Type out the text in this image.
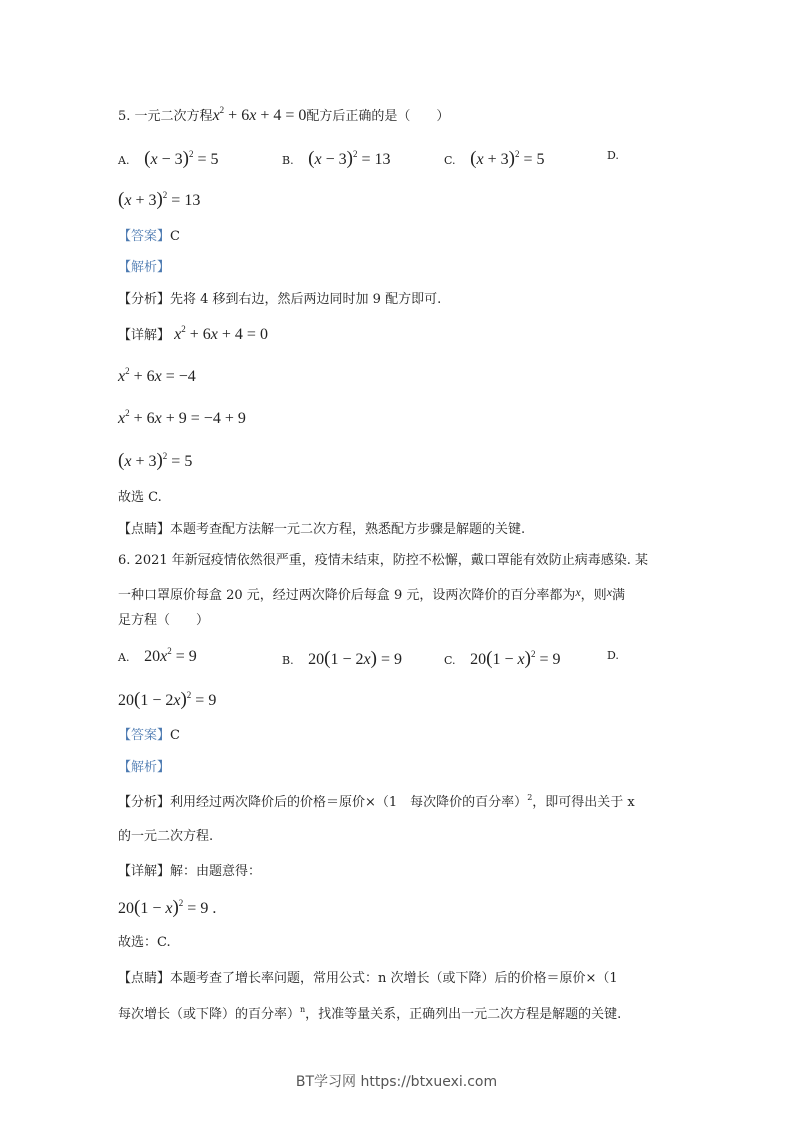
5. 一元二次方程$x^2 + 6x + 4 = 0$配方后正确的是（　　）
A. $(x - 3)^2 = 5$	B. $(x - 3)^2 = 13$	C. $(x + 3)^2 = 5$	D.
$(x + 3)^2 = 13$
【答案】C
【解析】
【分析】先将 4 移到右边，然后两边同时加 9 配方即可.
【详解】 $x^2 + 6x + 4 = 0$
$x^2 + 6x = -4$
$x^2 + 6x + 9 = -4 + 9$
$(x + 3)^2 = 5$
故选 C.
【点睛】本题考查配方法解一元二次方程，熟悉配方步骤是解题的关键.
6. 2021 年新冠疫情依然很严重，疫情未结束，防控不松懈，戴口罩能有效防止病毒感染. 某
一种口罩原价每盒 20 元，经过两次降价后每盒 9 元，设两次降价的百分率都为x，则x满
足方程（　　）
A. $20x^2 = 9$	B. 20(1 − 2x) = 9	C. $20(1 - x)^2 = 9$	D.
$20(1 - 2x)^2 = 9$
【答案】C
【解析】
【分析】利用经过两次降价后的价格＝原价×（1　每次降价的百分率）$^2$，即可得出关于 x
的一元二次方程.
【详解】解：由题意得：
$20(1 - x)^2 = 9$ .
故选：C.
【点睛】本题考查了增长率问题，常用公式：n 次增长（或下降）后的价格＝原价×（1
每次增长（或下降）的百分率）$^n$，找准等量关系，正确列出一元二次方程是解题的关键.
BT学习网 https://btxuexi.com
